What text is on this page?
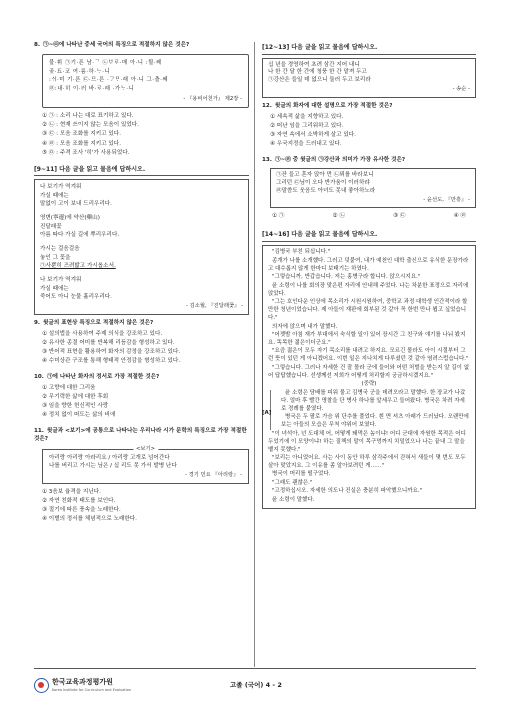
8. ㉠~㉤에 나타난 중세 국어의 특징으로 적절하지 않은 것은?

불·휘 ㉠기·픈 남·ᄀ ㉡ᄇᆞᄅᆞ·매 아·니 :뮐·쎄

곶·됴·코 여·름·하·ᄂᆞ·니

:ᄉᆡ·미 기·픈 ㉢·므·른 ·ᄀᆞᄆᆞ·래 아·니 그·츨·쎄

㉣:내·히 이·러 바·ᄅᆞ·래 ·가ᄂᆞ·니

- 『용비어천가』 제2장 -
① ㉠ : 소리 나는 대로 표기하고 있다.
② ㉡ : 현재 쓰이지 않는 모음이 있었다.
③ ㉢ : 모음 조화를 지키고 있다.
④ ㉣ : 모음 조화를 지키고 있다.
⑤ ㉤ : 주격 조사 '히'가 사용되었다.
[9~11] 다음 글을 읽고 물음에 답하시오.

나 보기가 역겨워

가실 때에는

말없이 고이 보내 드리우리다.

영변(寧邊)에 약산(藥山)

진달래꽃

아름 따다 가실 길에 뿌리우리다.

가시는 걸음걸음

놓인 그 꽃을

㉠사뿐히 즈려밟고 가시옵소서.

나 보기가 역겨워

가실 때에는

죽어도 아니 눈물 흘리우리다.

- 김소월, 『진달래꽃』 -
9. 윗글의 표현상 특징으로 적절하지 않은 것은?
① 설의법을 사용하여 주제 의식을 강조하고 있다.
② 유사한 종결 어미를 반복해 리듬감을 형성하고 있다.
③ 반어적 표현을 활용하여 화자의 감정을 강조하고 있다.
④ 수미상관 구조를 통해 형태적 안정감을 형성하고 있다.
10. ㉠에 나타난 화자의 정서로 가장 적절한 것은?
① 고향에 대한 그리움
② 무기력한 삶에 대한 후회
③ 임을 향한 헌신적인 사랑
④ 정치 없이 떠도는 삶의 비애
11. 윗글과 <보기>에 공통으로 나타나는 우리나라 시가 문학의 특징으로 가장 적절한 것은?
<보기>

아리랑 아리랑 아라리요 / 아리랑 고개로 넘어간다

나를 버리고 가시는 님은 / 십 리도 못 가서 발병 난다

- 경기 민요 『아리랑』 -
① 3음보 율격을 지닌다.
② 자연 친화적 태도를 보인다.
③ 절기에 따른 풍속을 노래한다.
④ 이별의 정서를 체념적으로 노래한다.
[12~13] 다음 글을 읽고 물음에 답하시오.

십 년을 경영하여 초려 삼간 지어 내니

나 한 간 달 한 간에 청풍 한 간 맡져 두고

㉠강산은 들일 데 없으니 둘러 두고 보리라

- 송순 -
12. 윗글의 화자에 대한 설명으로 가장 적절한 것은?
① 세속적 삶을 지향하고 있다.
② 떠난 임을 그리워하고 있다.
③ 자연 속에서 소박하게 살고 있다.
④ 우국지정을 드러내고 있다.
13. ㉠~㉣ 중 윗글의 ㉠강산과 의미가 가장 유사한 것은?

㉠잔 들고 혼자 앉아 먼 ㉡뫼를 바라보니

그리던 ㉢님이 오다 반가움이 이러하랴

㉣말씀도 웃음도 아녀도 못내 좋아하노라

- 윤선도, 『만흥』 -
① ㉠	② ㉡	③ ㉢	④ ㉣
[14~16] 다음 글을 읽고 물음에 답하시오.

"김병국 부친 되십니다."

종개가 나를 소개했다. 그러고 덧붙여, 내가 예천인 대학 출신으로 유식한 문장가라고 대수롭지 않게 한마디 보태기는 하였다.

"그렇습니까, 반갑습니다. 저는 홍병구라 합니다. 앉으시지요."

윤 소령이 나를 회의장 맞은편 자리에 안내해 주었다. 나는 차분한 표정으로 자리에 앉았다.

"그는 호인다운 인상에 목소리가 시원시원하여, 중학교 과정 대학생 인간적이라 할 만한 청년이었습니다. 제 아들이 재판에 회부된 것 같아 꼭 한번 만나 뵙고 싶었습니다."

의자에 앉으며 내가 말했다.

"어젯밤 아침 재가 부대에서 숙식할 일이 있어 장시간 그 친구와 얘기를 나눠 봤지요. 똑똑한 젊은이더군요."

"요즘 젊은이 모두 자기 목소리를 내려고 하지요. 모르긴 몰라도 아이 시절부터 그런 뜻이 있던 게 아니겠어요. 이번 일은 지나치게 다루셨던 것 같아 염려스럽습니다."

"그렇습니다. 그러나 자세한 건 잘 몰라 군에 들어와 어떤 처벌을 받는지 알 길이 없어 답답했습니다. 선생께선 저희가 어떻게 처리할지 궁금하시겠지요."

(중략)

[A]

윤 소령은 담배를 피워 물고 김병국 군을 데려오라고 말했다. 한 장교가 나갔다. 얼마 후 빨간 명찰을 단 병사 하나를 앞세우고 들어왔다. 병국은 차려 자세로 경례를 붙였다.

병국은 두 팔로 가슴 위 단추를 풀었다. 흰 면 셔츠 아래가 드러났다. 오랜만에 보는 아들의 모습은 무척 야위어 보였다.

"이 녀석아, 넌 도대체 어, 어떻게 돼먹은 놈이냐! 어디 군대에 자원한 목적은 어디 두었기에 이 모양이냐! 하는 질책의 말이 목구멍까지 치밀었으나 나는 끝내 그 말을 뱉지 못했다."

"보리는 아니었어요. 사는 사이 동안 하루 삼각주에서 갇혀서 새들이 몇 번도 모두 살아 맞았지요. 그 이유를 좀 알아보려던 게……"

병국이 머리를 떨구었다.

"그래도 괜찮은."

"고정하십시오. 자세한 의도나 진실은 충분히 파악했으니까요."

윤 소령이 말했다.

한국교육과정평가원
Korea Institute for Curriculum and Evaluation
고졸 (국어) 4 - 2
